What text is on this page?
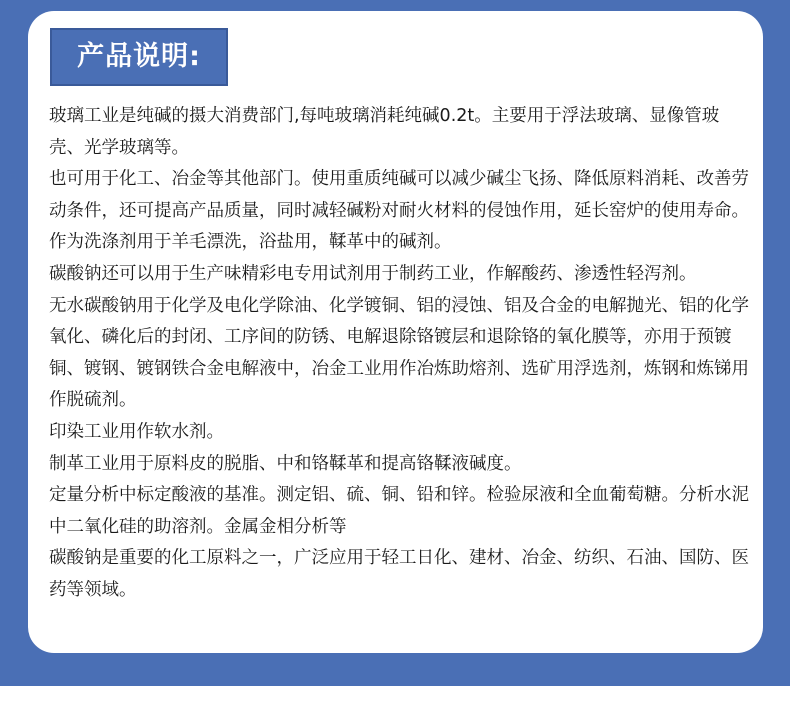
产品说明:

玻璃工业是纯碱的摄大消费部门,每吨玻璃消耗纯碱0.2t。主要用于浮法玻璃、显像管玻壳、光学玻璃等。

也可用于化工、冶金等其他部门。使用重质纯碱可以减少碱尘飞扬、降低原料消耗、改善劳动条件，还可提高产品质量，同时减轻碱粉对耐火材料的侵蚀作用，延长窑炉的使用寿命。

作为洗涤剂用于羊毛漂洗，浴盐用，鞣革中的碱剂。

碳酸钠还可以用于生产味精彩电专用试剂用于制药工业，作解酸药、渗透性轻泻剂。

无水碳酸钠用于化学及电化学除油、化学镀铜、铝的浸蚀、铝及合金的电解抛光、铝的化学氧化、磷化后的封闭、工序间的防锈、电解退除铬镀层和退除铬的氧化膜等，亦用于预镀铜、镀钢、镀钢铁合金电解液中，冶金工业用作冶炼助熔剂、选矿用浮选剂，炼钢和炼锑用作脱硫剂。

印染工业用作软水剂。

制革工业用于原料皮的脱脂、中和铬鞣革和提高铬鞣液碱度。

定量分析中标定酸液的基准。测定铝、硫、铜、铅和锌。检验尿液和全血葡萄糖。分析水泥中二氧化硅的助溶剂。金属金相分析等

碳酸钠是重要的化工原料之一，广泛应用于轻工日化、建材、冶金、纺织、石油、国防、医药等领域。
